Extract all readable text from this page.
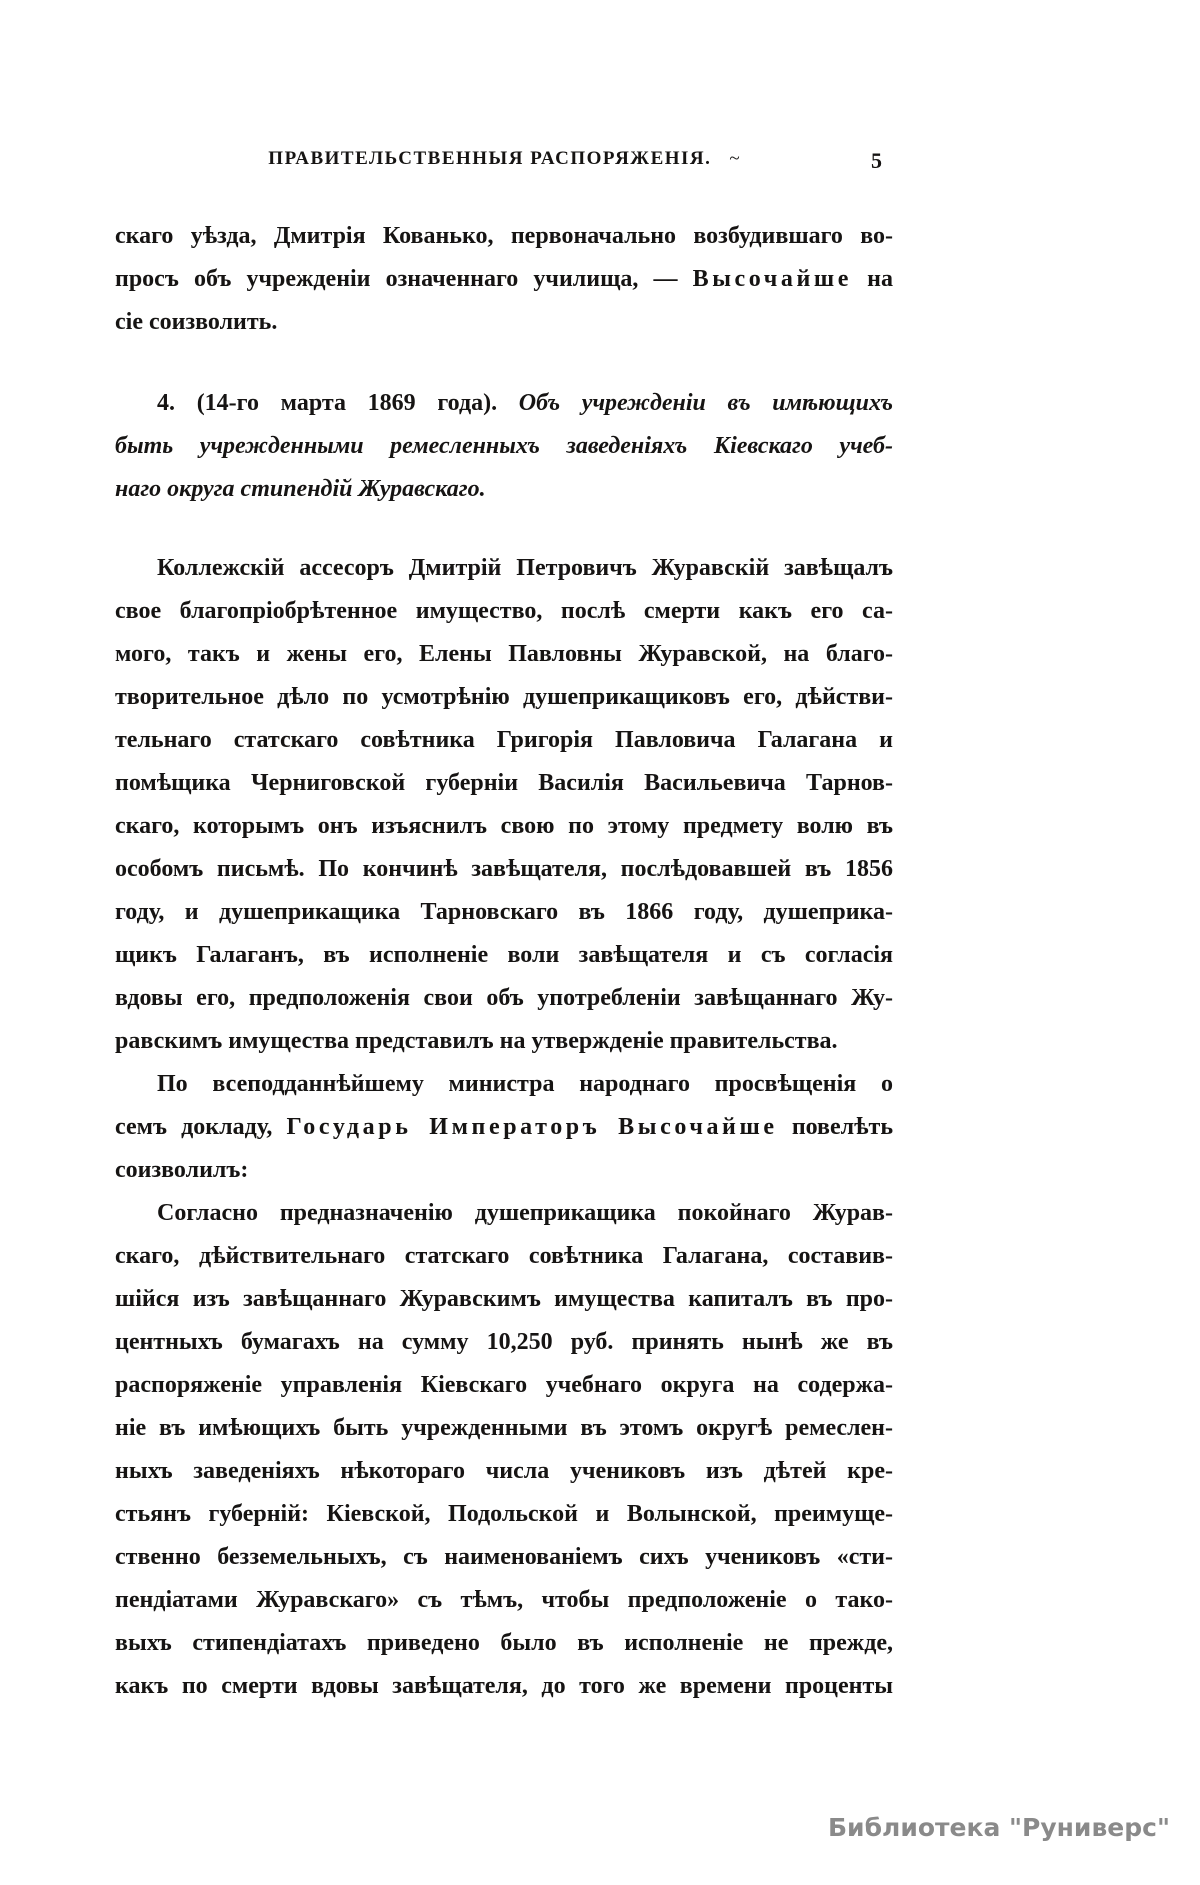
ПРАВИТЕЛЬСТВЕННЫЯ РАСПОРЯЖЕНІЯ. ~	5
скаго уѣзда, Дмитрія Кованько, первоначально возбудившаго во-
просъ объ учрежденіи означеннаго училища, — Высочайше на
сіе соизволить.
4. (14-го марта 1869 года). Объ учрежденіи въ имѣющихъ
быть учрежденными ремесленныхъ заведеніяхъ Кіевскаго учеб-
наго округа стипендій Журавскаго.
Коллежскій ассесоръ Дмитрій Петровичъ Журавскій завѣщалъ
свое благопріобрѣтенное имущество, послѣ смерти какъ его са-
мого, такъ и жены его, Елены Павловны Журавской, на благо-
творительное дѣло по усмотрѣнію душеприкащиковъ его, дѣйстви-
тельнаго статскаго совѣтника Григорія Павловича Галагана и
помѣщика Черниговской губерніи Василія Васильевича Тарнов-
скаго, которымъ онъ изъяснилъ свою по этому предмету волю въ
особомъ письмѣ. По кончинѣ завѣщателя, послѣдовавшей въ 1856
году, и душеприкащика Тарновскаго въ 1866 году, душеприка-
щикъ Галаганъ, въ исполненіе воли завѣщателя и съ согласія
вдовы его, предположенія свои объ употребленіи завѣщаннаго Жу-
равскимъ имущества представилъ на утвержденіе правительства.
По всеподданнѣйшему министра народнаго просвѣщенія о
семъ докладу, Государь Императоръ Высочайше повелѣть
соизволилъ:
Согласно предназначенію душеприкащика покойнаго Журав-
скаго, дѣйствительнаго статскаго совѣтника Галагана, составив-
шійся изъ завѣщаннаго Журавскимъ имущества капиталъ въ про-
центныхъ бумагахъ на сумму 10,250 руб. принять нынѣ же въ
распоряженіе управленія Кіевскаго учебнаго округа на содержа-
ніе въ имѣющихъ быть учрежденными въ этомъ округѣ ремеслен-
ныхъ заведеніяхъ нѣкотораго числа учениковъ изъ дѣтей кре-
стьянъ губерній: Кіевской, Подольской и Волынской, преимуще-
ственно безземельныхъ, съ наименованіемъ сихъ учениковъ «сти-
пендіатами Журавскаго» съ тѣмъ, чтобы предположеніе о тако-
выхъ стипендіатахъ приведено было въ исполненіе не прежде,
какъ по смерти вдовы завѣщателя, до того же времени проценты
Библиотека "Руниверс"
